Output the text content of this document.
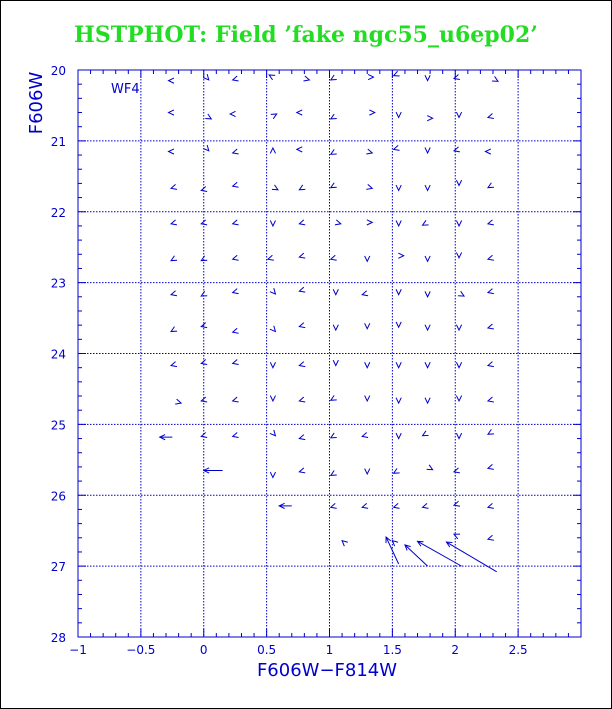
HSTPHOT: Field ’fake ngc55_u6ep02’
−1	−0.5	0	0.5	1	1.5	2	2.5
20
21
22
23
24
25
26
27
28
WF4
F606W−F814W
F606W
